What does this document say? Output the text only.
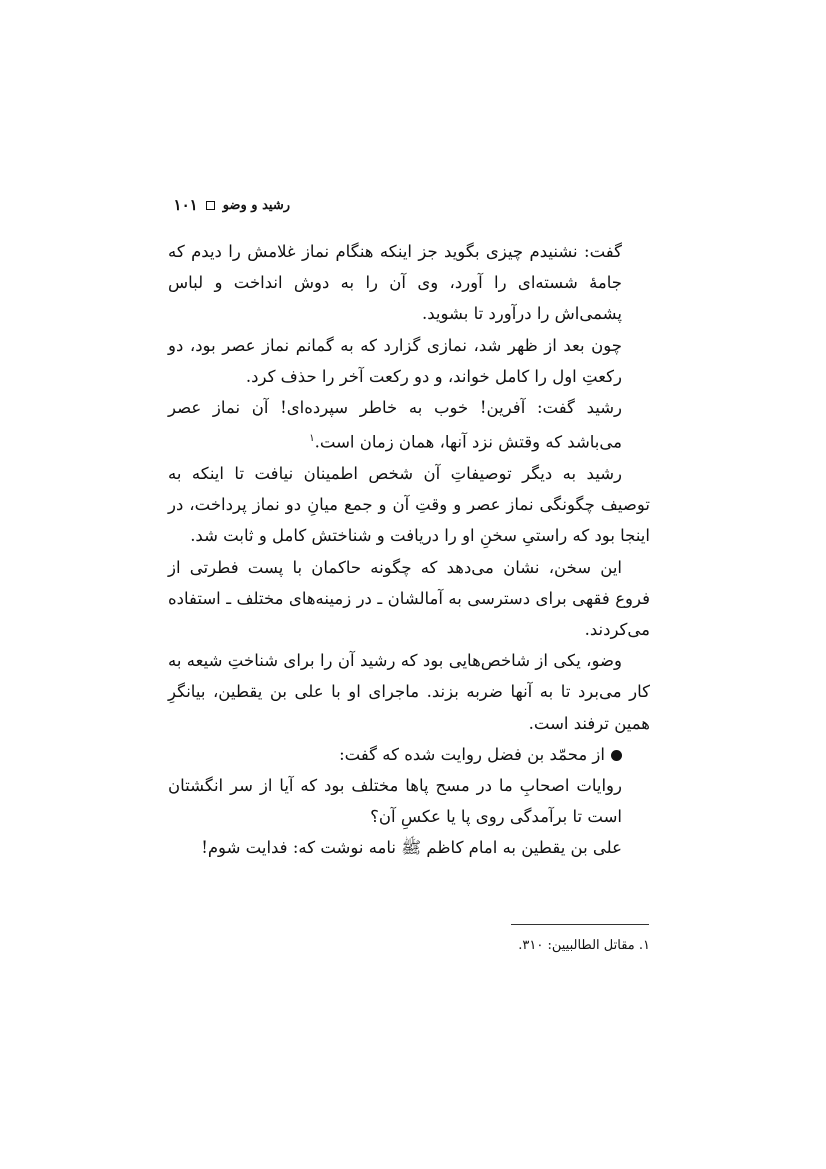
رشید و وضو
۱۰۱

گفت: نشنیدم چیزی بگوید جز اینکه هنگام نماز غلامش را دیدم که جامهٔ شسته‌ای را آورد، وی آن را به دوش انداخت و لباس پشمی‌اش را درآورد تا بشوید.

چون بعد از ظهر شد، نمازی گزارد که به گمانم نماز عصر بود، دو رکعتِ اول را کامل خواند، و دو رکعت آخر را حذف کرد.

رشید گفت: آفرین! خوب به خاطر سپرده‌ای! آن نماز عصر می‌باشد که وقتش نزد آنها، همان زمان است.$^۱$

رشید به دیگر توصیفاتِ آن شخص اطمینان نیافت تا اینکه به توصیف چگونگی نماز عصر و وقتِ آن و جمع میانِ دو نماز پرداخت، در اینجا بود که راستیِ سخنِ او را دریافت و شناختش کامل و ثابت شد.

این سخن، نشان می‌دهد که چگونه حاکمان با پست فطرتی از فروع فقهی برای دسترسی به آمالشان ـ در زمینه‌های مختلف ـ استفاده می‌کردند.

وضو، یکی از شاخص‌هایی بود که رشید آن را برای شناختِ شیعه به کار می‌برد تا به آنها ضربه بزند. ماجرای او با علی بن یقطین، بیانگرِ همین ترفند است.

از محمّد بن فضل روایت شده که گفت:

روایات اصحابِ ما در مسح پاها مختلف بود که آیا از سر انگشتان است تا برآمدگی روی پا یا عکسِ آن؟

علی بن یقطین به امام کاظم ﷺ نامه نوشت که: فدایت شوم!

۱. مقاتل الطالبیین: ۳۱۰.
